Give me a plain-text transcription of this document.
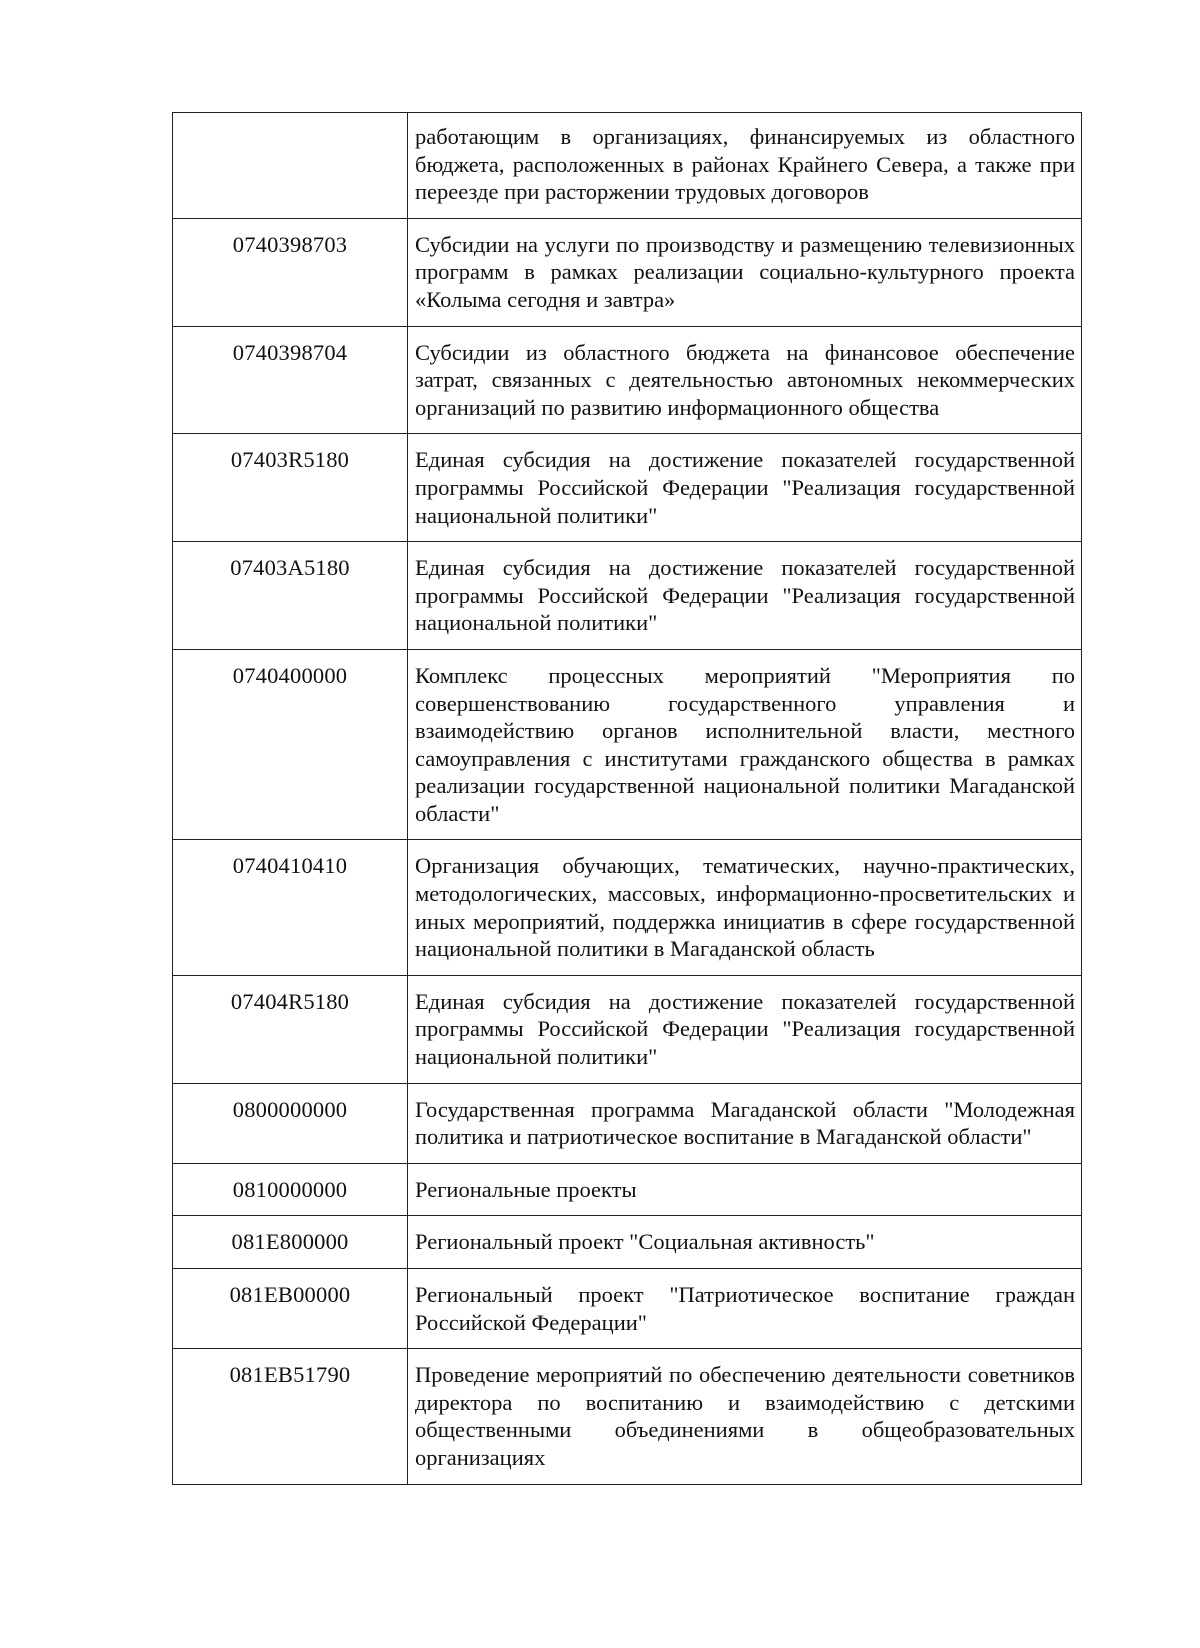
	работающим в организациях, финансируемых из областного бюджета, расположенных в районах Крайнего Севера, а также при переезде при расторжении трудовых договоров
0740398703	Субсидии на услуги по производству и размещению телевизионных программ в рамках реализации социально-культурного проекта «Колыма сегодня и завтра»
0740398704	Субсидии из областного бюджета на финансовое обеспечение затрат, связанных с деятельностью автономных некоммерческих организаций по развитию информационного общества
07403R5180	Единая субсидия на достижение показателей государственной программы Российской Федерации "Реализация государственной национальной политики"
07403A5180	Единая субсидия на достижение показателей государственной программы Российской Федерации "Реализация государственной национальной политики"
0740400000	Комплекс процессных мероприятий "Мероприятия по совершенствованию государственного управления и взаимодействию органов исполнительной власти, местного самоуправления с институтами гражданского общества в рамках реализации государственной национальной политики Магаданской области"
0740410410	Организация обучающих, тематических, научно-практических, методологических, массовых, информационно-просветительских и иных мероприятий, поддержка инициатив в сфере государственной национальной политики в Магаданской область
07404R5180	Единая субсидия на достижение показателей государственной программы Российской Федерации "Реализация государственной национальной политики"
0800000000	Государственная программа Магаданской области "Молодежная политика и патриотическое воспитание в Магаданской области"
0810000000	Региональные проекты
081E800000	Региональный проект "Социальная активность"
081EB00000	Региональный проект "Патриотическое воспитание граждан Российской Федерации"
081EB51790	Проведение мероприятий по обеспечению деятельности советников директора по воспитанию и взаимодействию с детскими общественными объединениями в общеобразовательных организациях
